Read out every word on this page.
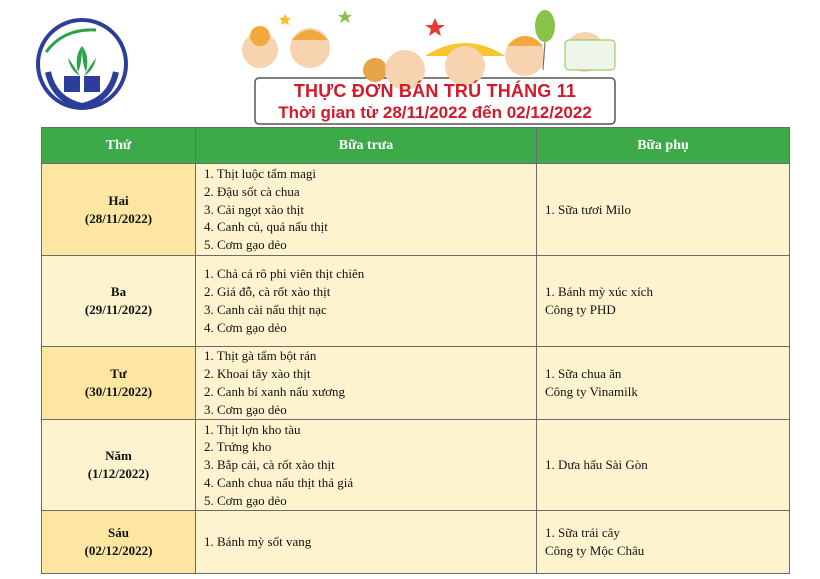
THỰC ĐƠN BÁN TRÚ THÁNG 11
Thời gian từ 28/11/2022 đến 02/12/2022
Thứ	Bữa trưa	Bữa phụ

Hai
(28/11/2022)	1. Thịt luộc tẩm magi
2. Đậu sốt cà chua
3. Cải ngọt xào thịt
4. Canh củ, quả nấu thịt
5. Cơm gạo dẻo	1. Sữa tươi Milo

Ba
(29/11/2022)	1. Chả cá rô phi viên thịt chiên
2. Giá đỗ, cà rốt xào thịt
3. Canh cải nấu thịt nạc
4. Cơm gạo dẻo	1. Bánh mỳ xúc xích
Công ty PHD

Tư
(30/11/2022)	1. Thịt gà tẩm bột rán
2. Khoai tây xào thịt
2. Canh bí xanh nấu xương
3. Cơm gạo dẻo	1. Sữa chua ăn
Công ty Vinamilk

Năm
(1/12/2022)	1. Thịt lợn kho tàu
2. Trứng kho
3. Bắp cải, cà rốt xào thịt
4. Canh chua nấu thịt thả giá
5. Cơm gạo dẻo	1. Dưa hấu Sài Gòn

Sáu
(02/12/2022)	1. Bánh mỳ sốt vang	1. Sữa trái cây
Công ty Mộc Châu
